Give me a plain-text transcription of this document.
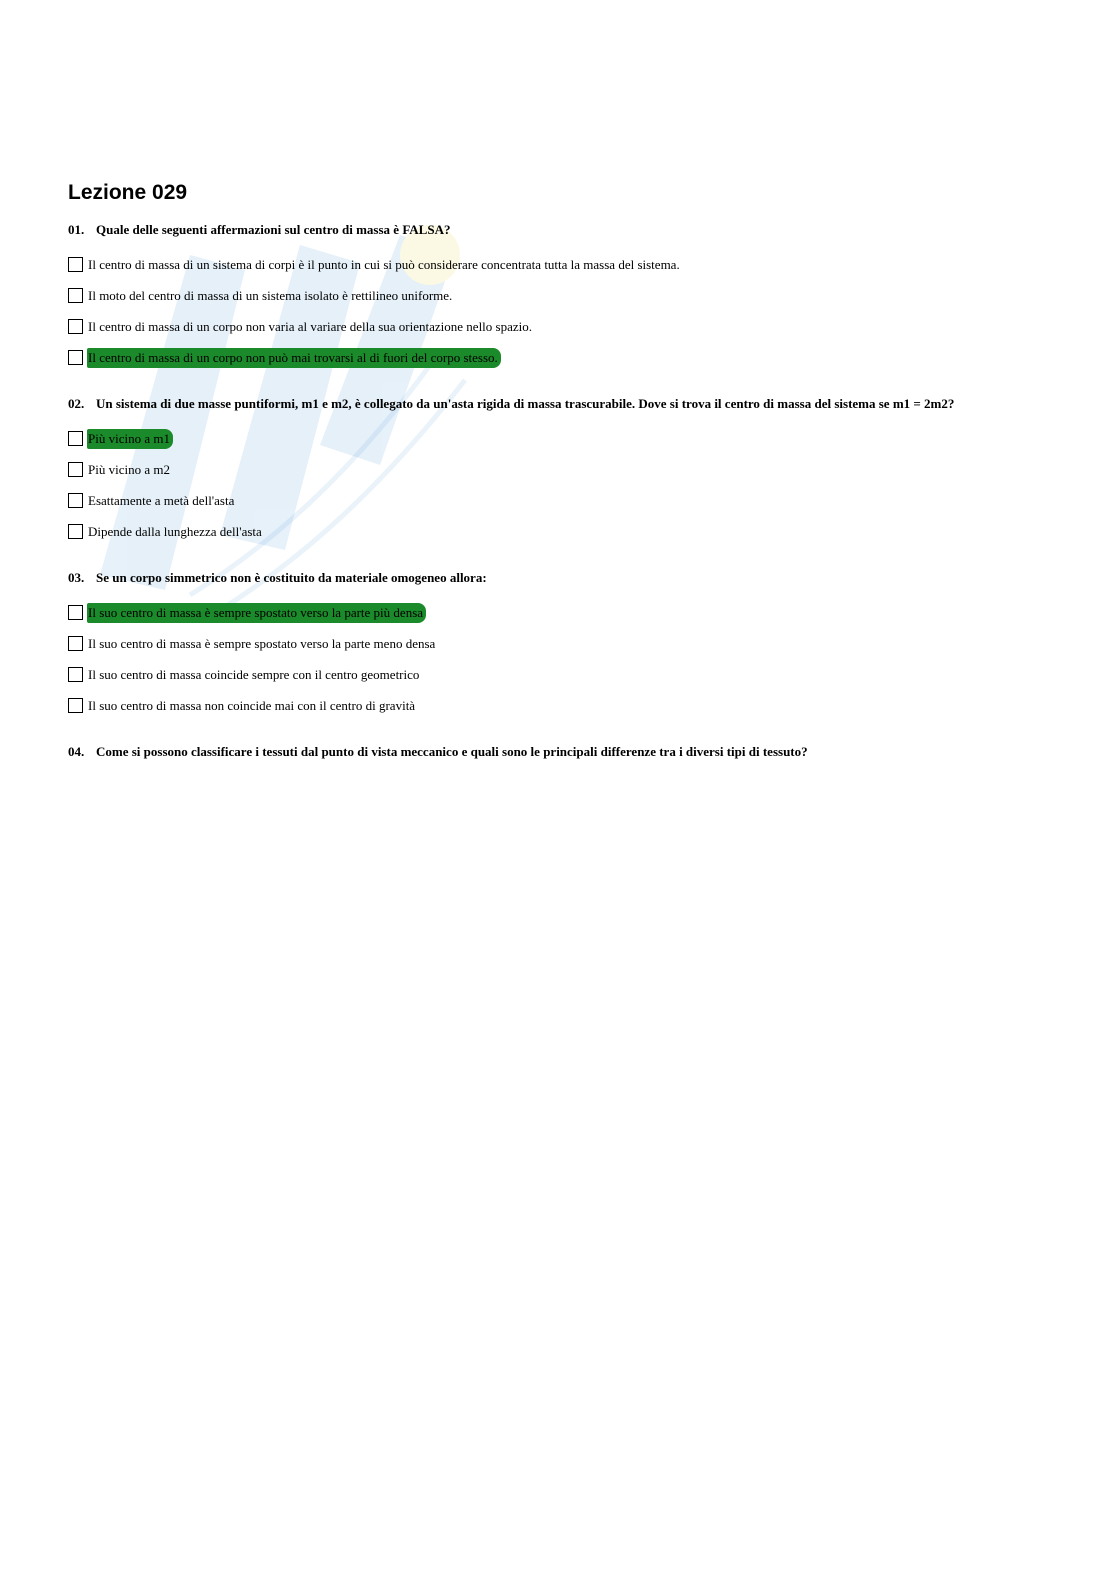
Lezione 029

01. Quale delle seguenti affermazioni sul centro di massa è FALSA?

Il centro di massa di un sistema di corpi è il punto in cui si può considerare concentrata tutta la massa del sistema.
Il moto del centro di massa di un sistema isolato è rettilineo uniforme.
Il centro di massa di un corpo non varia al variare della sua orientazione nello spazio.
Il centro di massa di un corpo non può mai trovarsi al di fuori del corpo stesso.

02. Un sistema di due masse puntiformi, m1 e m2, è collegato da un'asta rigida di massa trascurabile. Dove si trova il centro di massa del sistema se m1 = 2m2?

Più vicino a m1
Più vicino a m2
Esattamente a metà dell'asta
Dipende dalla lunghezza dell'asta

03. Se un corpo simmetrico non è costituito da materiale omogeneo allora:

Il suo centro di massa è sempre spostato verso la parte più densa
Il suo centro di massa è sempre spostato verso la parte meno densa
Il suo centro di massa coincide sempre con il centro geometrico
Il suo centro di massa non coincide mai con il centro di gravità

04. Come si possono classificare i tessuti dal punto di vista meccanico e quali sono le principali differenze tra i diversi tipi di tessuto?
